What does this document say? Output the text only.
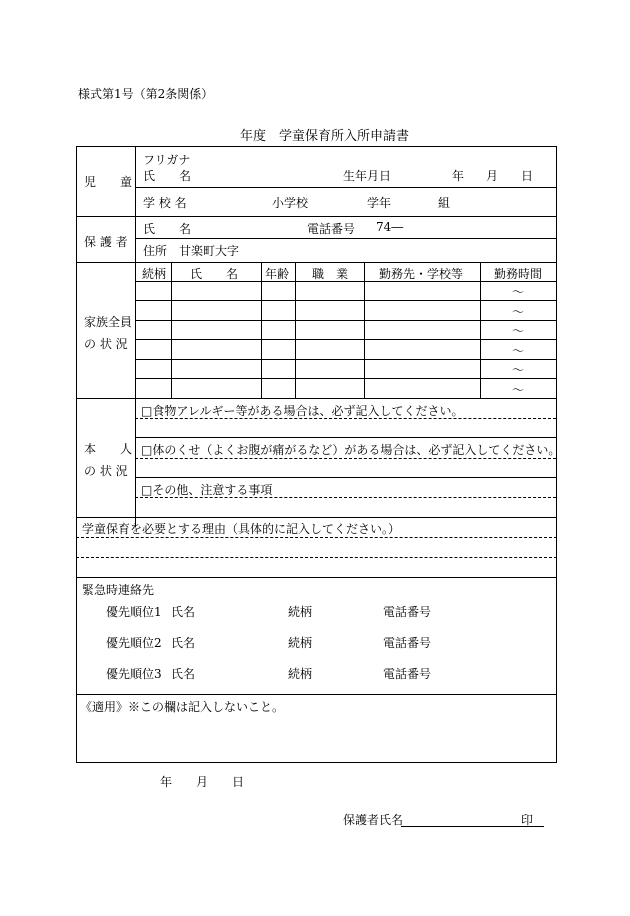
様式第1号（第2条関係）
年度　学童保育所入所申請書
児　　童
フリガナ
氏　　名	生年月日	年 月 日
学 校 名	小学校	学年	組
保 護 者
氏　　名	電話番号 74―
住所　甘楽町大字
家族全員
の 状 況
続柄 氏　　名 年齢 職　業	勤務先・学校等	勤務時間
～
～
～
～
～
～
本　　人
の 状 況
□食物アレルギー等がある場合は、必ず記入してください。
□体のくせ（よくお腹が痛がるなど）がある場合は、必ず記入してください。
□その他、注意する事項
学童保育を必要とする理由（具体的に記入してください。）
緊急時連絡先
優先順位1 氏名	続柄	電話番号
優先順位2 氏名	続柄	電話番号
優先順位3 氏名	続柄	電話番号
《適用》※この欄は記入しないこと。
年 月 日
保護者氏名	印
